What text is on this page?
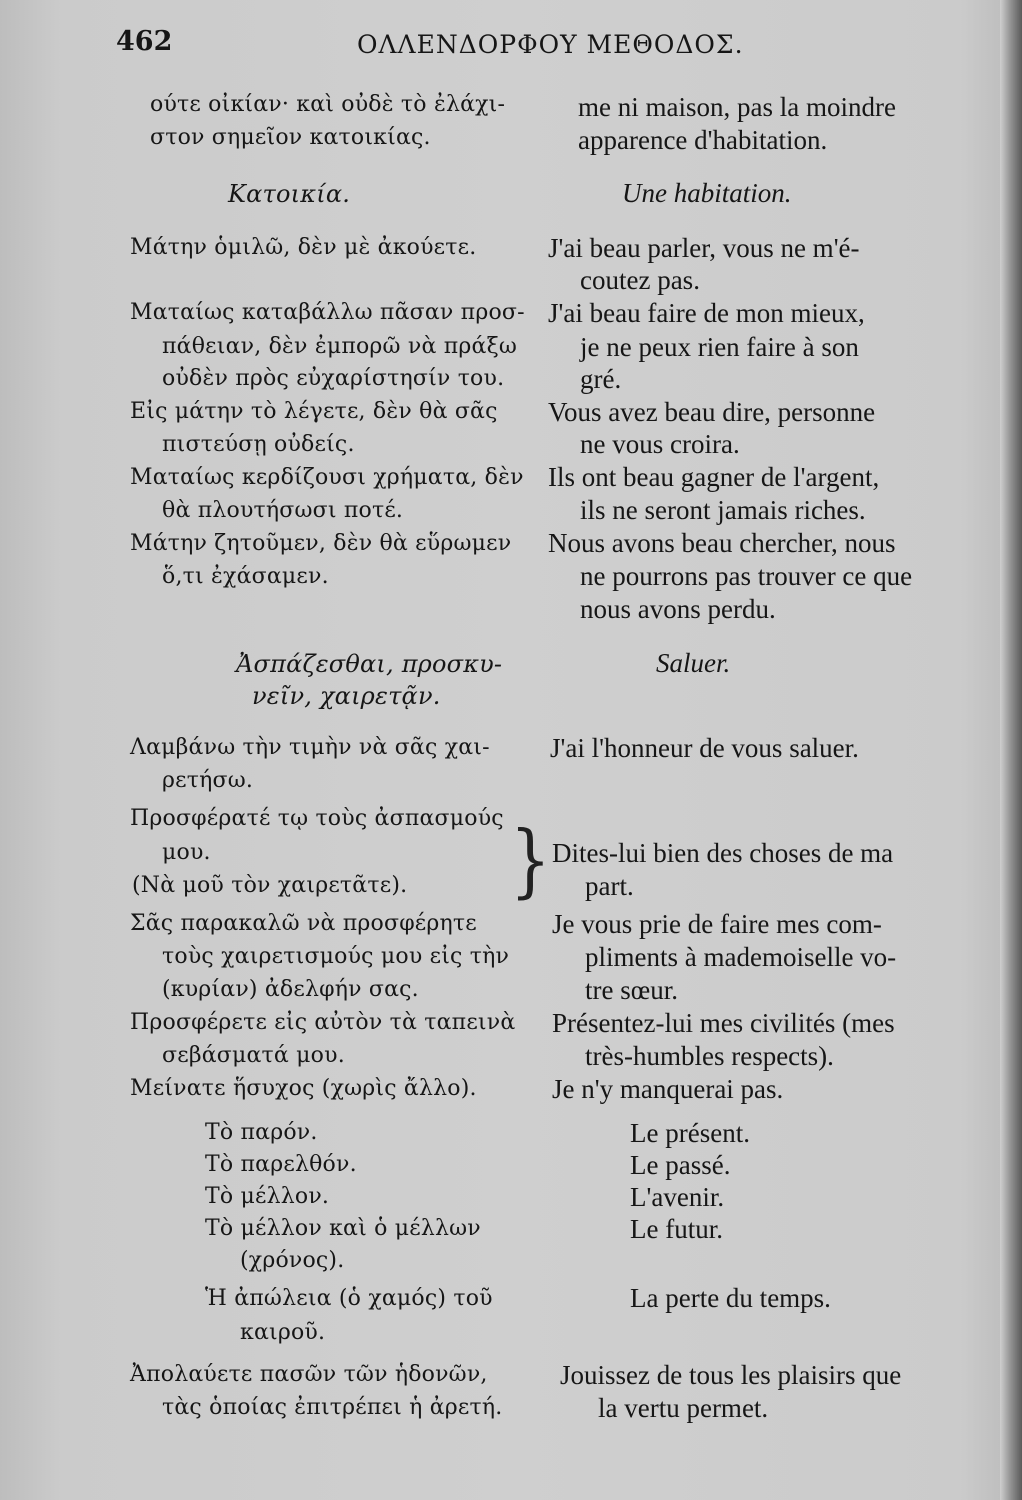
462	ΟΛΛΕΝΔΟΡΦΟΥ ΜΕΘΟΔΟΣ.
ούτε οἰκίαν· καὶ οὐδὲ τὸ ἐλάχι-
στον σημεῖον κατοικίας.
Κατοικία.
Μάτην ὁμιλῶ, δὲν μὲ ἀκούετε.
Ματαίως καταβάλλω πᾶσαν προσ-
πάθειαν, δὲν ἐμπορῶ νὰ πράξω
οὐδὲν πρὸς εὐχαρίστησίν του.
Εἰς μάτην τὸ λέγετε, δὲν θὰ σᾶς
πιστεύσῃ οὐδείς.
Ματαίως κερδίζουσι χρήματα, δὲν
θὰ πλουτήσωσι ποτέ.
Μάτην ζητοῦμεν, δὲν θὰ εὕρωμεν
ὅ,τι ἐχάσαμεν.
Ἀσπάζεσθαι, προσκυ-
νεῖν, χαιρετᾷν.
Λαμβάνω τὴν τιμὴν νὰ σᾶς χαι-
ρετήσω.
Προσφέρατέ τῳ τοὺς ἀσπασμούς
μου.
(Νὰ μοῦ τὸν χαιρετᾶτε). }
Σᾶς παρακαλῶ νὰ προσφέρητε
τοὺς χαιρετισμούς μου εἰς τὴν
(κυρίαν) ἀδελφήν σας.
Προσφέρετε εἰς αὐτὸν τὰ ταπεινὰ
σεβάσματά μου.
Μείνατε ἥσυχος (χωρὶς ἄλλο).
Τὸ παρόν.
Τὸ παρελθόν.
Τὸ μέλλον.
Τὸ μέλλον καὶ ὁ μέλλων
(χρόνος).
Ἡ ἀπώλεια (ὁ χαμός) τοῦ
καιροῦ.
Ἀπολαύετε πασῶν τῶν ἡδονῶν,
τὰς ὁποίας ἐπιτρέπει ἡ ἀρετή.
me ni maison, pas la moindre
apparence d'habitation.
Une habitation.
J'ai beau parler, vous ne m'é-
coutez pas.
J'ai beau faire de mon mieux,
je ne peux rien faire à son
gré.
Vous avez beau dire, personne
ne vous croira.
Ils ont beau gagner de l'argent,
ils ne seront jamais riches.
Nous avons beau chercher, nous
ne pourrons pas trouver ce que
nous avons perdu.
Saluer.
J'ai l'honneur de vous saluer.
Dites-lui bien des choses de ma
part.
Je vous prie de faire mes com-
pliments à mademoiselle vo-
tre sœur.
Présentez-lui mes civilités (mes
très-humbles respects).
Je n'y manquerai pas.
Le présent.
Le passé.
L'avenir.
Le futur.
La perte du temps.
Jouissez de tous les plaisirs que
la vertu permet.
